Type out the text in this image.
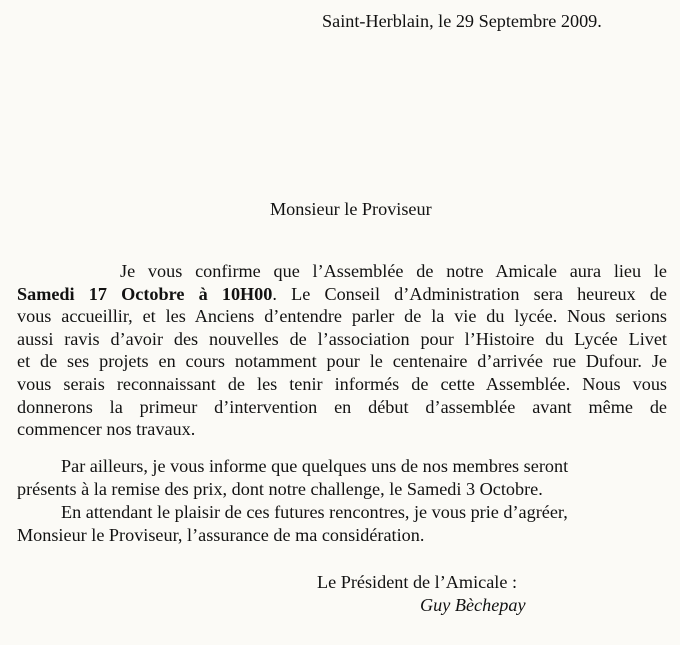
Saint-Herblain, le 29 Septembre 2009.

Monsieur le Proviseur

Je vous confirme que l’Assemblée de notre Amicale aura lieu le
Samedi 17 Octobre à 10H00. Le Conseil d’Administration sera heureux de
vous accueillir, et les Anciens d’entendre parler de la vie du lycée. Nous serions
aussi ravis d’avoir des nouvelles de l’association pour l’Histoire du Lycée Livet
et de ses projets en cours notamment pour le centenaire d’arrivée rue Dufour. Je
vous serais reconnaissant de les tenir informés de cette Assemblée. Nous vous
donnerons la primeur d’intervention en début d’assemblée avant même de
commencer nos travaux.
Par ailleurs, je vous informe que quelques uns de nos membres seront
présents à la remise des prix, dont notre challenge, le Samedi 3 Octobre.
En attendant le plaisir de ces futures rencontres, je vous prie d’agréer,
Monsieur le Proviseur, l’assurance de ma considération.

Le Président de l’Amicale :

Guy Bèchepay
